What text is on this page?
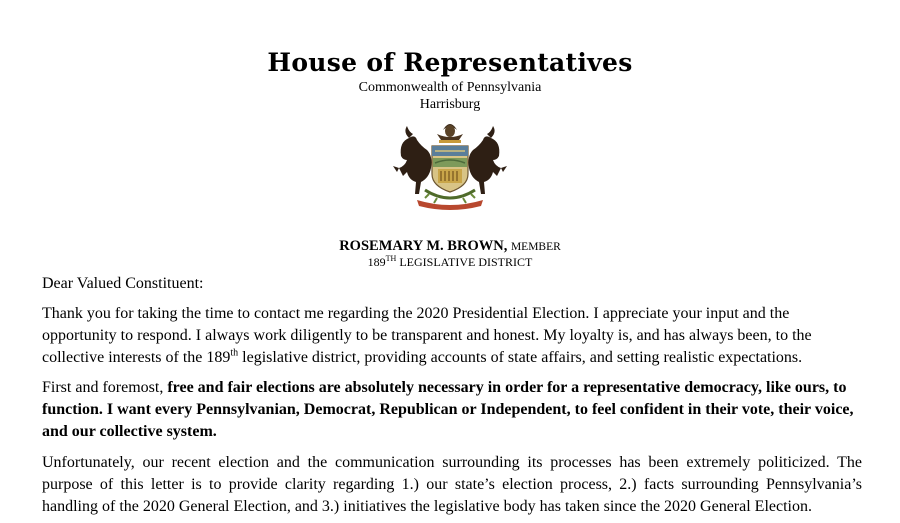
House of Representatives
Commonwealth of Pennsylvania
Harrisburg
ROSEMARY M. BROWN, MEMBER
189TH LEGISLATIVE DISTRICT
Dear Valued Constituent:
Thank you for taking the time to contact me regarding the 2020 Presidential Election. I appreciate your input and the opportunity to respond. I always work diligently to be transparent and honest. My loyalty is, and has always been, to the collective interests of the 189th legislative district, providing accounts of state affairs, and setting realistic expectations.
First and foremost, free and fair elections are absolutely necessary in order for a representative democracy, like ours, to function. I want every Pennsylvanian, Democrat, Republican or Independent, to feel confident in their vote, their voice, and our collective system.
Unfortunately, our recent election and the communication surrounding its processes has been extremely politicized. The purpose of this letter is to provide clarity regarding 1.) our state’s election process, 2.) facts surrounding Pennsylvania’s handling of the 2020 General Election, and 3.) initiatives the legislative body has taken since the 2020 General Election.
